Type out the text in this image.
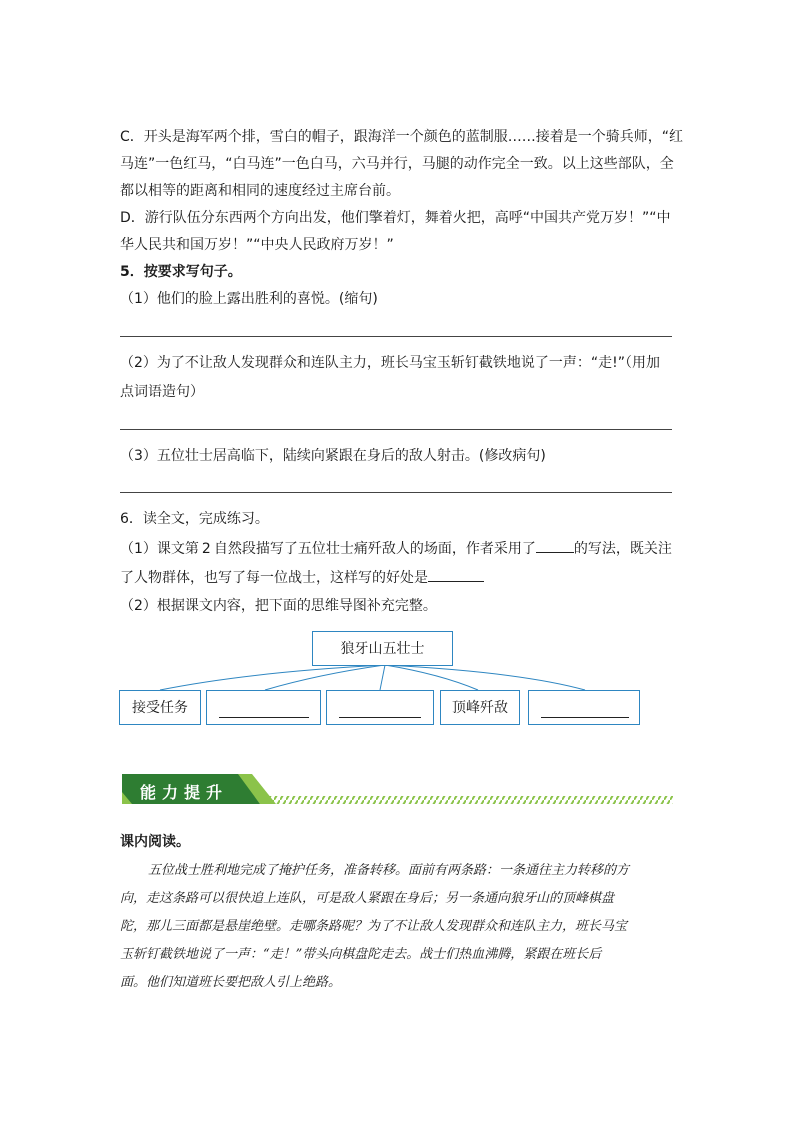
C．开头是海军两个排，雪白的帽子，跟海洋一个颜色的蓝制服……接着是一个骑兵师，“红
马连”一色红马，“白马连”一色白马，六马并行，马腿的动作完全一致。以上这些部队，全
都以相等的距离和相同的速度经过主席台前。
D．游行队伍分东西两个方向出发，他们擎着灯，舞着火把，高呼“中国共产党万岁！”“中
华人民共和国万岁！”“中央人民政府万岁！”
5．按要求写句子。
（1）他们的脸上露出胜利的喜悦。(缩句)
（2）为了不让敌人发现群众和连队主力，班长马宝玉斩钉截铁地说了一声：“走!”（用加
点词语造句）
（3）五位壮士居高临下，陆续向紧跟在身后的敌人射击。(修改病句)
6．读全文，完成练习。
（1）课文第 2 自然段描写了五位壮士痛歼敌人的场面，作者采用了	的写法，既关注
了人物群体，也写了每一位战士，这样写的好处是
（2）根据课文内容，把下面的思维导图补充完整。
狼牙山五壮士
接受任务	顶峰歼敌
能力提升
课内阅读。
五位战士胜利地完成了掩护任务，准备转移。面前有两条路：一条通往主力转移的方
向，走这条路可以很快追上连队，可是敌人紧跟在身后；另一条通向狼牙山的顶峰棋盘
陀，那儿三面都是悬崖绝壁。走哪条路呢？为了不让敌人发现群众和连队主力，班长马宝
玉斩钉截铁地说了一声：“走！”带头向棋盘陀走去。战士们热血沸腾，紧跟在班长后
面。他们知道班长要把敌人引上绝路。
